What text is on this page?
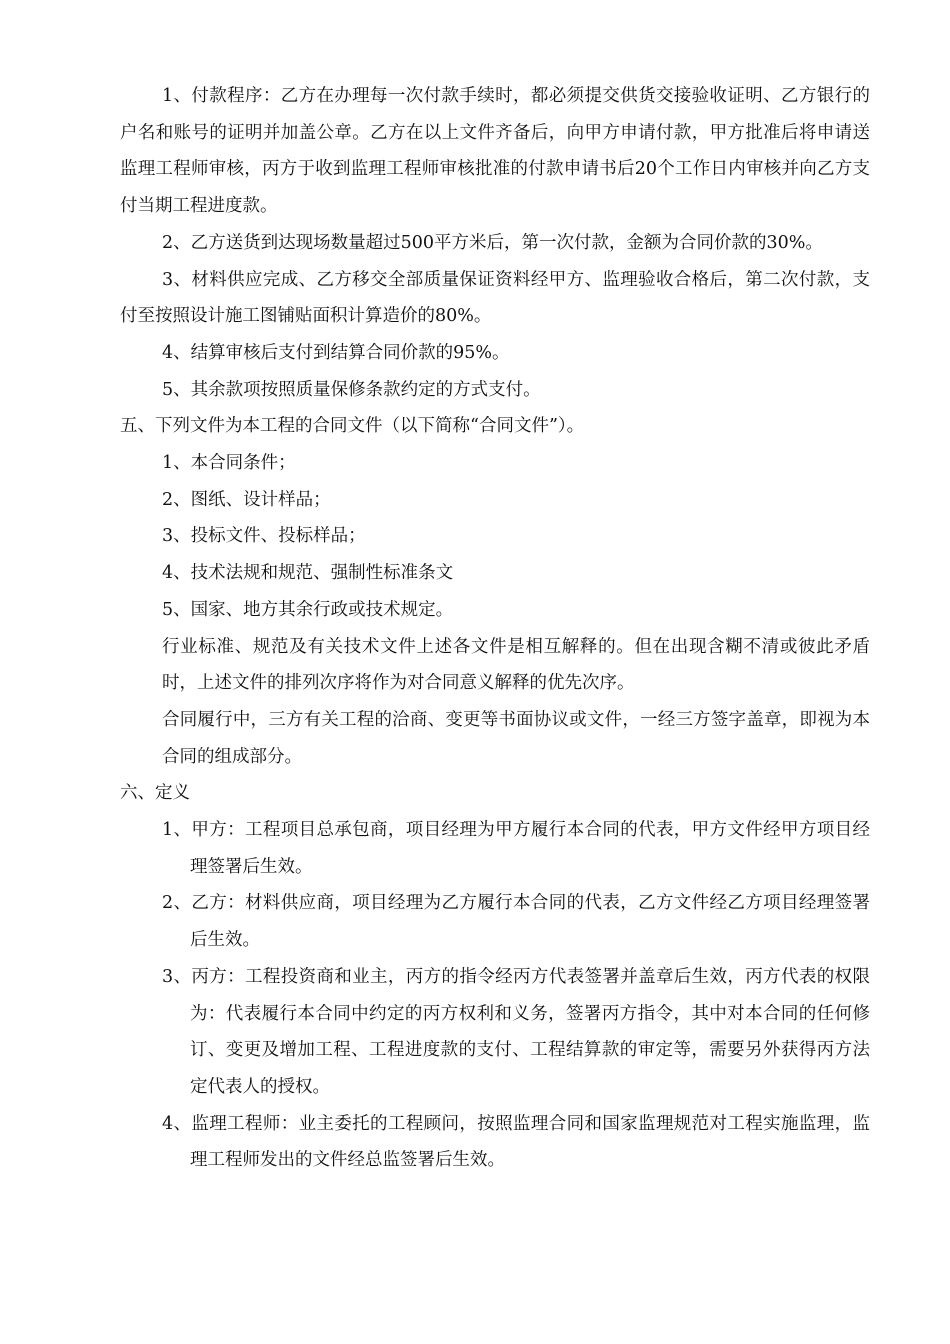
1、付款程序：乙方在办理每一次付款手续时，都必须提交供货交接验收证明、乙方银行的户名和账号的证明并加盖公章。乙方在以上文件齐备后，向甲方申请付款，甲方批准后将申请送监理工程师审核，丙方于收到监理工程师审核批准的付款申请书后20个工作日内审核并向乙方支付当期工程进度款。
2、乙方送货到达现场数量超过500平方米后，第一次付款，金额为合同价款的30%。
3、材料供应完成、乙方移交全部质量保证资料经甲方、监理验收合格后，第二次付款，支付至按照设计施工图铺贴面积计算造价的80%。
4、结算审核后支付到结算合同价款的95%。
5、其余款项按照质量保修条款约定的方式支付。
五、下列文件为本工程的合同文件（以下简称“合同文件”）。
1、本合同条件；
2、图纸、设计样品；
3、投标文件、投标样品；
4、技术法规和规范、强制性标准条文
5、国家、地方其余行政或技术规定。
行业标准、规范及有关技术文件上述各文件是相互解释的。但在出现含糊不清或彼此矛盾时，上述文件的排列次序将作为对合同意义解释的优先次序。
合同履行中，三方有关工程的洽商、变更等书面协议或文件，一经三方签字盖章，即视为本合同的组成部分。
六、定义
1、甲方：工程项目总承包商，项目经理为甲方履行本合同的代表，甲方文件经甲方项目经理签署后生效。
2、乙方：材料供应商，项目经理为乙方履行本合同的代表，乙方文件经乙方项目经理签署后生效。
3、丙方：工程投资商和业主，丙方的指令经丙方代表签署并盖章后生效，丙方代表的权限为：代表履行本合同中约定的丙方权利和义务，签署丙方指令，其中对本合同的任何修订、变更及增加工程、工程进度款的支付、工程结算款的审定等，需要另外获得丙方法定代表人的授权。
4、监理工程师：业主委托的工程顾问，按照监理合同和国家监理规范对工程实施监理，监理工程师发出的文件经总监签署后生效。
